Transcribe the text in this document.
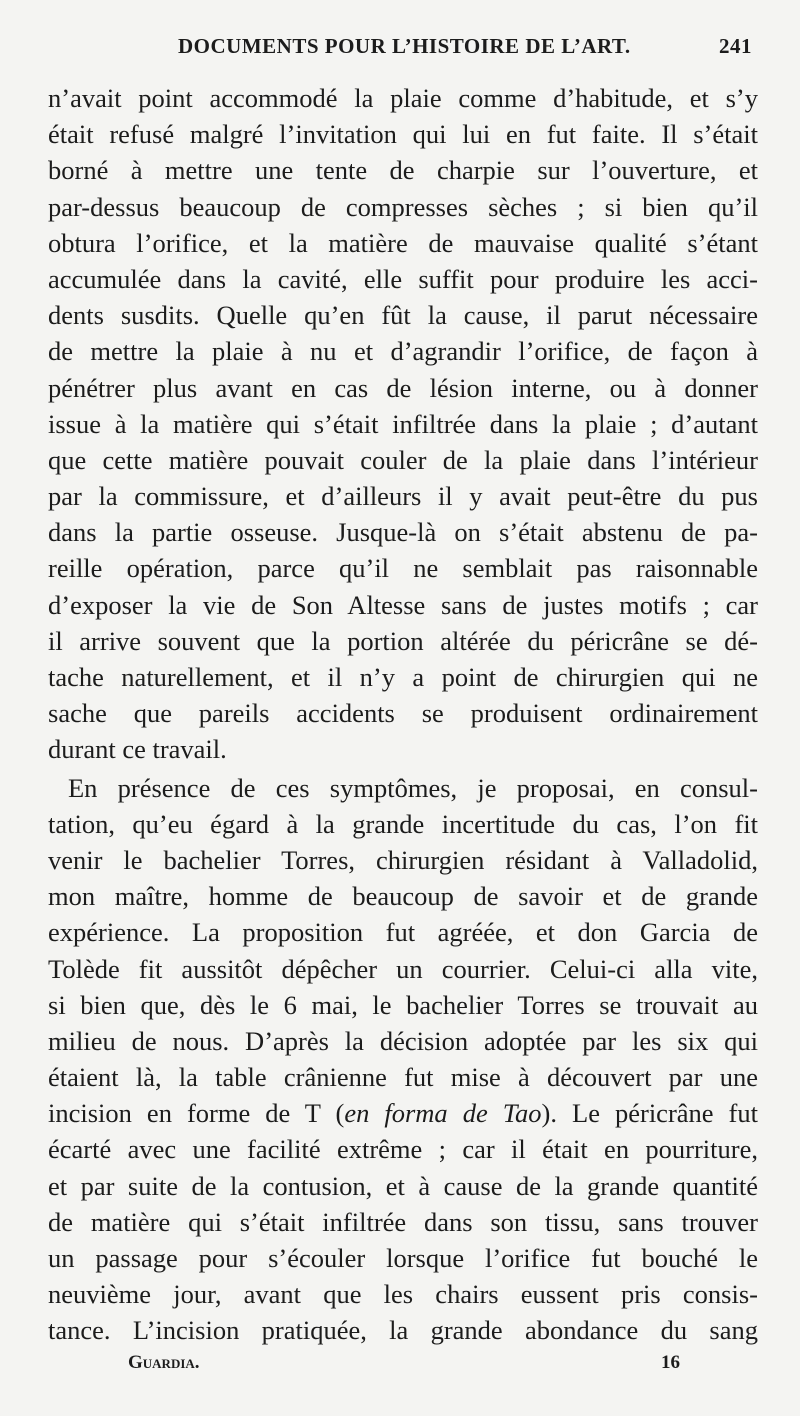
DOCUMENTS POUR L’HISTOIRE DE L’ART.	241
n’avait point accommodé la plaie comme d’habitude, et s’y
était refusé malgré l’invitation qui lui en fut faite. Il s’était
borné à mettre une tente de charpie sur l’ouverture, et
par-dessus beaucoup de compresses sèches ; si bien qu’il
obtura l’orifice, et la matière de mauvaise qualité s’étant
accumulée dans la cavité, elle suffit pour produire les acci-
dents susdits. Quelle qu’en fût la cause, il parut nécessaire
de mettre la plaie à nu et d’agrandir l’orifice, de façon à
pénétrer plus avant en cas de lésion interne, ou à donner
issue à la matière qui s’était infiltrée dans la plaie ; d’autant
que cette matière pouvait couler de la plaie dans l’intérieur
par la commissure, et d’ailleurs il y avait peut-être du pus
dans la partie osseuse. Jusque-là on s’était abstenu de pa-
reille opération, parce qu’il ne semblait pas raisonnable
d’exposer la vie de Son Altesse sans de justes motifs ; car
il arrive souvent que la portion altérée du péricrâne se dé-
tache naturellement, et il n’y a point de chirurgien qui ne
sache que pareils accidents se produisent ordinairement
durant ce travail.
En présence de ces symptômes, je proposai, en consul-
tation, qu’eu égard à la grande incertitude du cas, l’on fit
venir le bachelier Torres, chirurgien résidant à Valladolid,
mon maître, homme de beaucoup de savoir et de grande
expérience. La proposition fut agréée, et don Garcia de
Tolède fit aussitôt dépêcher un courrier. Celui-ci alla vite,
si bien que, dès le 6 mai, le bachelier Torres se trouvait au
milieu de nous. D’après la décision adoptée par les six qui
étaient là, la table crânienne fut mise à découvert par une
incision en forme de T (en forma de Tao). Le péricrâne fut
écarté avec une facilité extrême ; car il était en pourriture,
et par suite de la contusion, et à cause de la grande quantité
de matière qui s’était infiltrée dans son tissu, sans trouver
un passage pour s’écouler lorsque l’orifice fut bouché le
neuvième jour, avant que les chairs eussent pris consis-
tance. L’incision pratiquée, la grande abondance du sang
Guardia.	16
